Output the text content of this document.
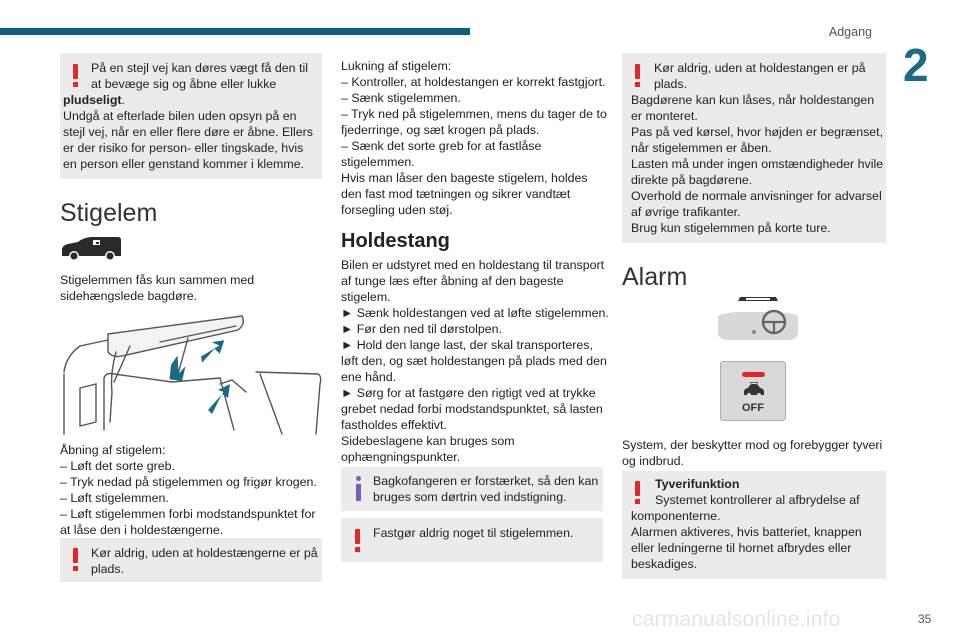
Adgang
2
35
carmanualsonline.info
På en stejl vej kan døres vægt få den til
at bevæge sig og åbne eller lukke
pludseligt.
Undgå at efterlade bilen uden opsyn på en
stejl vej, når en eller flere døre er åbne. Ellers
er der risiko for person- eller tingskade, hvis
en person eller genstand kommer i klemme.
Stigelem
Stigelemmen fås kun sammen med
sidehængslede bagdøre.
Åbning af stigelem:
– Løft det sorte greb.
– Tryk nedad på stigelemmen og frigør krogen.
– Løft stigelemmen.
– Løft stigelemmen forbi modstandspunktet for
at låse den i holdestængerne.
Kør aldrig, uden at holdestængerne er på
plads.
Lukning af stigelem:
– Kontroller, at holdestangen er korrekt fastgjort.
– Sænk stigelemmen.
– Tryk ned på stigelemmen, mens du tager de to
fjederringe, og sæt krogen på plads.
– Sænk det sorte greb for at fastlåse
stigelemmen.
Hvis man låser den bageste stigelem, holdes
den fast mod tætningen og sikrer vandtæt
forsegling uden støj.
Holdestang
Bilen er udstyret med en holdestang til transport
af tunge læs efter åbning af den bageste
stigelem.
► Sænk holdestangen ved at løfte stigelemmen.
► Før den ned til dørstolpen.
► Hold den lange last, der skal transporteres,
løft den, og sæt holdestangen på plads med den
ene hånd.
► Sørg for at fastgøre den rigtigt ved at trykke
grebet nedad forbi modstandspunktet, så lasten
fastholdes effektivt.
Sidebeslagene kan bruges som
ophængningspunkter.
Bagkofangeren er forstærket, så den kan
bruges som dørtrin ved indstigning.
Fastgør aldrig noget til stigelemmen.
Kør aldrig, uden at holdestangen er på
plads.
Bagdørene kan kun låses, når holdestangen
er monteret.
Pas på ved kørsel, hvor højden er begrænset,
når stigelemmen er åben.
Lasten må under ingen omstændigheder hvile
direkte på bagdørene.
Overhold de normale anvisninger for advarsel
af øvrige trafikanter.
Brug kun stigelemmen på korte ture.
Alarm
OFF
System, der beskytter mod og forebygger tyveri
og indbrud.
Tyverifunktion
Systemet kontrollerer al afbrydelse af
komponenterne.
Alarmen aktiveres, hvis batteriet, knappen
eller ledningerne til hornet afbrydes eller
beskadiges.
